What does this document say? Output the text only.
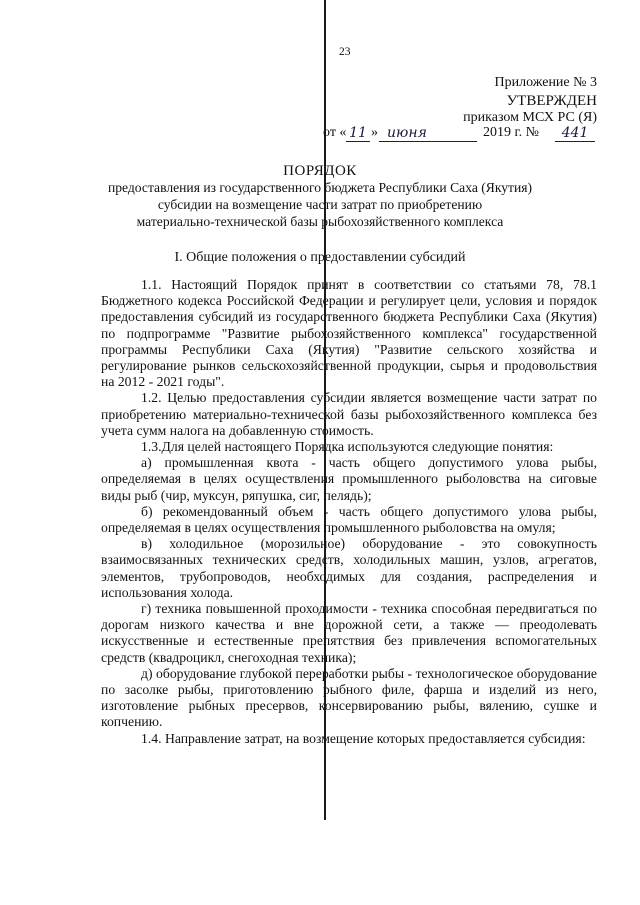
23
Приложение № 3
УТВЕРЖДЕН
приказом МСХ РС (Я)
от « 11 » июня	2019 г. №	441
ПОРЯДОК
предоставления из государственного бюджета Республики Саха (Якутия)
субсидии на возмещение части затрат по приобретению
материально-технической базы рыбохозяйственного комплекса
I. Общие положения о предоставлении субсидий

1.1. Настоящий Порядок принят в соответствии со статьями 78, 78.1 Бюджетного кодекса Российской Федерации и регулирует цели, условия и порядок предоставления субсидий из государственного бюджета Республики Саха (Якутия) по подпрограмме "Развитие рыбохозяйственного комплекса" государственной программы Республики Саха (Якутия) "Развитие сельского хозяйства и регулирование рынков сельскохозяйственной продукции, сырья и продовольствия на 2012 - 2021 годы".

1.2. Целью предоставления субсидии является возмещение части затрат по приобретению материально-технической базы рыбохозяйственного комплекса без учета сумм налога на добавленную стоимость.

1.3.Для целей настоящего Порядка используются следующие понятия:

а) промышленная квота - часть общего допустимого улова рыбы, определяемая в целях осуществления промышленного рыболовства на сиговые виды рыб (чир, муксун, ряпушка, сиг, пелядь);

б) рекомендованный объем - часть общего допустимого улова рыбы, определяемая в целях осуществления промышленного рыболовства на омуля;

в) холодильное (морозильное) оборудование - это совокупность взаимосвязанных технических средств, холодильных машин, узлов, агрегатов, элементов, трубопроводов, необходимых для создания, распределения и использования холода.

г) техника повышенной проходимости - техника способная передвигаться по дорогам низкого качества и вне дорожной сети, а также — преодолевать искусственные и естественные препятствия без привлечения вспомогательных средств (квадроцикл, снегоходная техника);

д) оборудование глубокой переработки рыбы - технологическое оборудование по засолке рыбы, приготовлению рыбного филе, фарша и изделий из него, изготовление рыбных пресервов, консервированию рыбы, вялению, сушке и копчению.

1.4. Направление затрат, на возмещение которых предоставляется субсидия:
